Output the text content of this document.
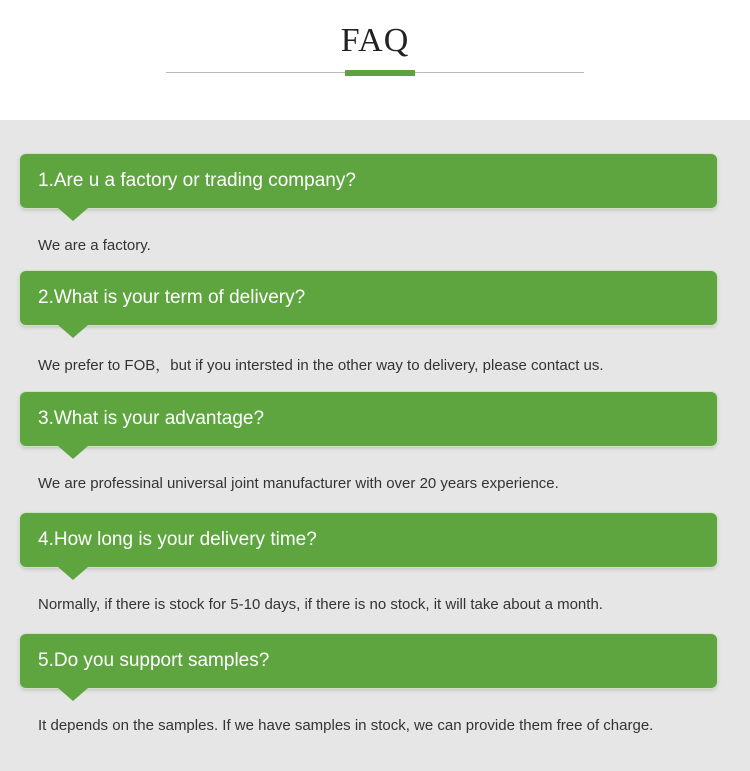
FAQ
1.Are u a factory or trading company?
We are a factory.
2.What is your term of delivery?
We prefer to FOB，but if you intersted in the other way to delivery, please contact us.
3.What is your advantage?
We are professinal universal joint manufacturer with over 20 years experience.
4.How long is your delivery time?
Normally, if there is stock for 5-10 days, if there is no stock, it will take about a month.
5.Do you support samples?
It depends on the samples. If we have samples in stock, we can provide them free of charge.
